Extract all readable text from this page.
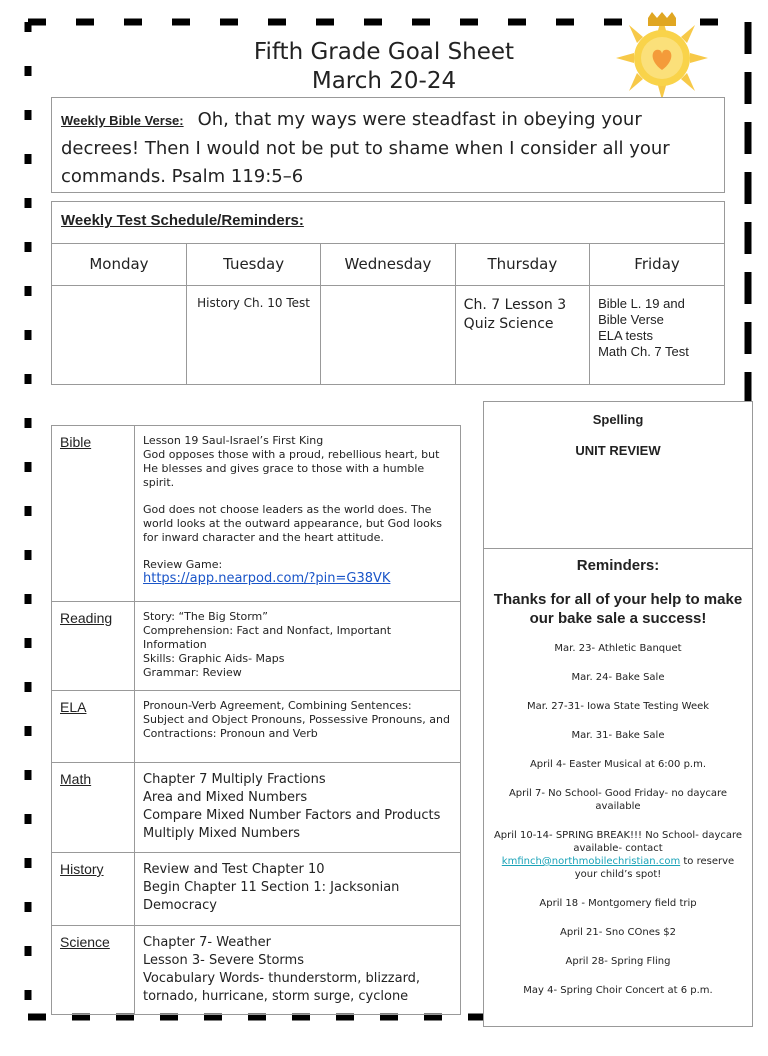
Fifth Grade Goal Sheet
March 20-24
Weekly Bible Verse: Oh, that my ways were steadfast in obeying your decrees! Then I would not be put to shame when I consider all your commands. Psalm 119:5–6
Weekly Test Schedule/Reminders:
Monday	Tuesday	Wednesday	Thursday	Friday
	History Ch. 10 Test		Ch. 7 Lesson 3 Quiz Science	Bible L. 19 and Bible Verse
ELA tests
Math Ch. 7 Test
Bible	Lesson 19 Saul-Israel’s First King
God opposes those with a proud, rebellious heart, but He blesses and gives grace to those with a humble spirit.
God does not choose leaders as the world does. The world looks at the outward appearance, but God looks for inward character and the heart attitude.
Review Game:
https://app.nearpod.com/?pin=G38VK
Reading	Story: “The Big Storm”
Comprehension: Fact and Nonfact, Important Information
Skills: Graphic Aids- Maps
Grammar: Review

ELA	Pronoun-Verb Agreement, Combining Sentences: Subject and Object Pronouns, Possessive Pronouns, and Contractions: Pronoun and Verb
Math	Chapter 7 Multiply Fractions
Area and Mixed Numbers
Compare Mixed Number Factors and Products
Multiply Mixed Numbers

History	Review and Test Chapter 10
Begin Chapter 11 Section 1: Jacksonian Democracy

Science	Chapter 7- Weather
Lesson 3- Severe Storms
Vocabulary Words- thunderstorm, blizzard, tornado, hurricane, storm surge, cyclone
Spelling
UNIT REVIEW
Reminders:
Thanks for all of your help to make our bake sale a success!
Mar. 23- Athletic Banquet
Mar. 24- Bake Sale
Mar. 27-31- Iowa State Testing Week
Mar. 31- Bake Sale
April 4- Easter Musical at 6:00 p.m.
April 7- No School- Good Friday- no daycare available
April 10-14- SPRING BREAK!!! No School- daycare available- contact kmfinch@northmobilechristian.com to reserve your child’s spot!
April 18 - Montgomery field trip
April 21- Sno COnes $2
April 28- Spring Fling
May 4- Spring Choir Concert at 6 p.m.
